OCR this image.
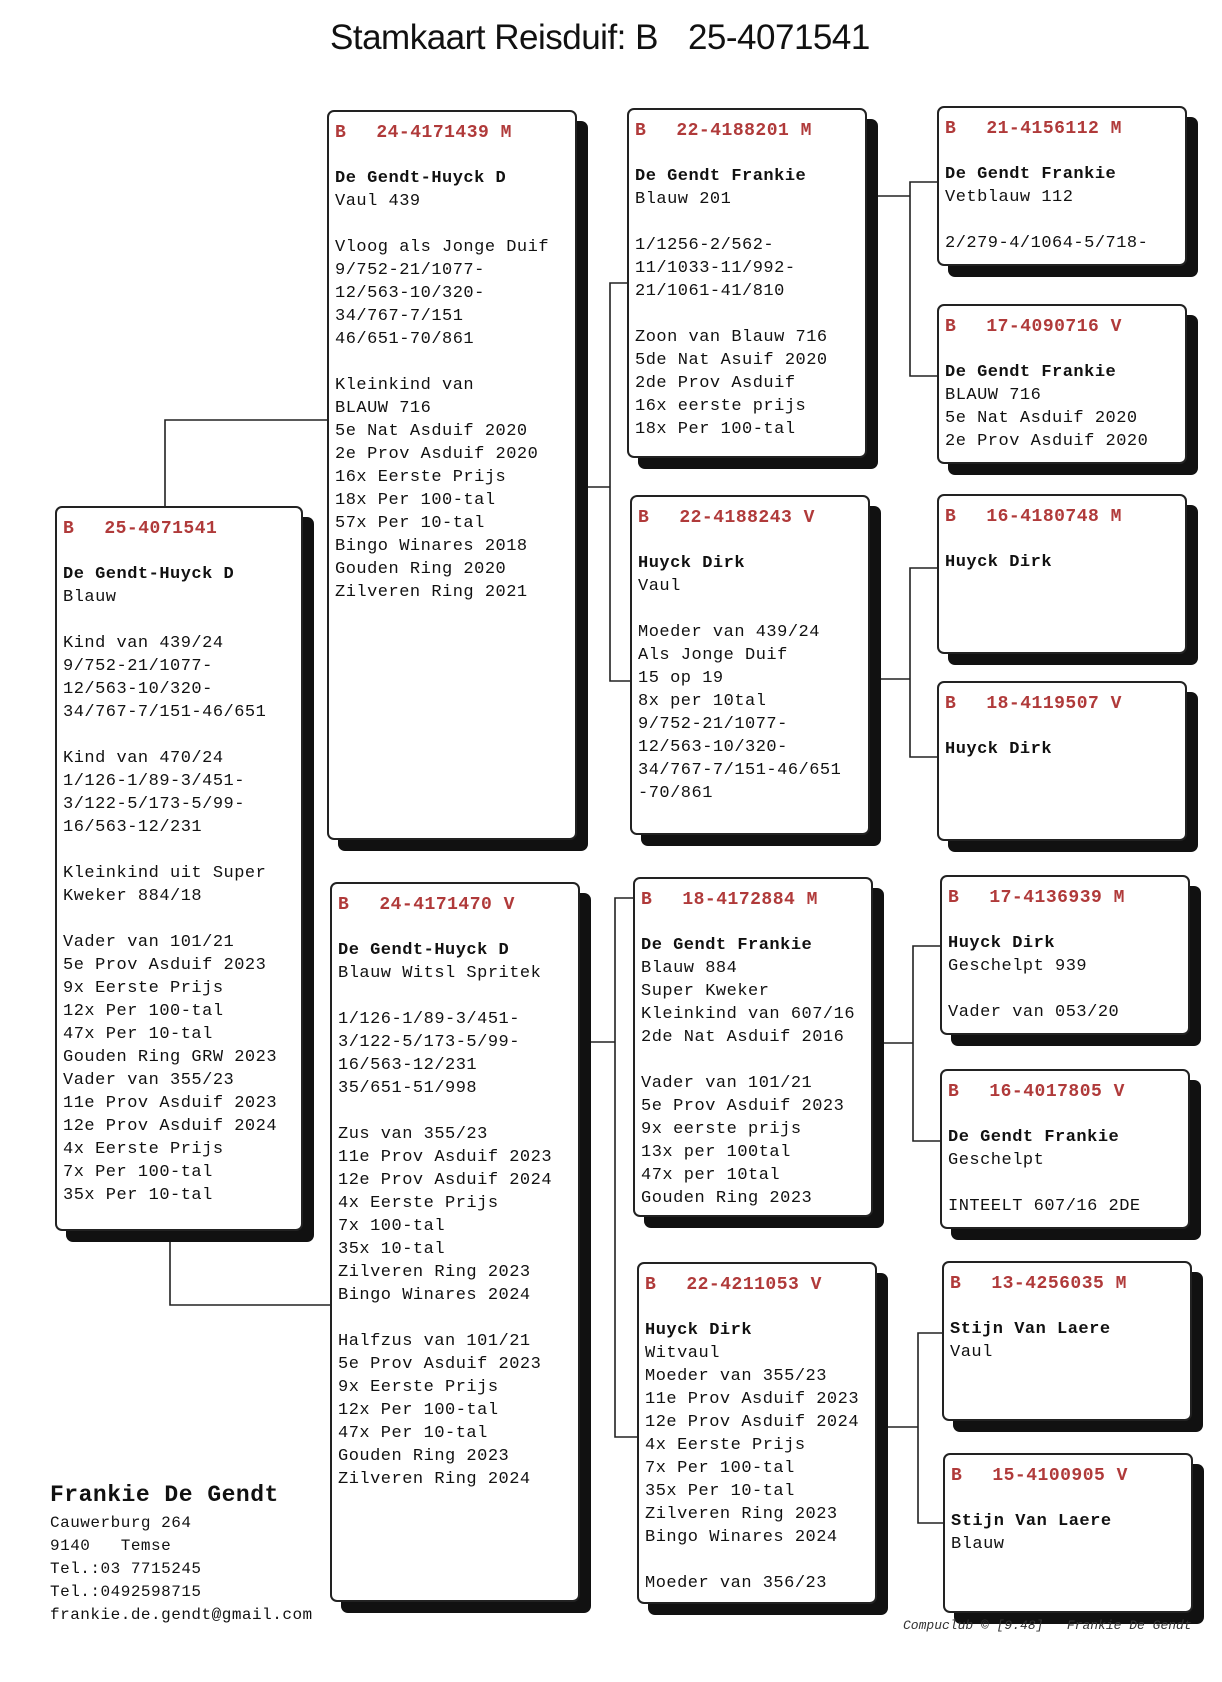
Stamkaart Reisduif: B 25-4071541
B 25-4071541
De Gendt-Huyck D
Blauw
Kind van 439/24
9/752-21/1077-
12/563-10/320-
34/767-7/151-46/651
Kind van 470/24
1/126-1/89-3/451-
3/122-5/173-5/99-
16/563-12/231
Kleinkind uit Super
Kweker 884/18
Vader van 101/21
5e Prov Asduif 2023
9x Eerste Prijs
12x Per 100-tal
47x Per 10-tal
Gouden Ring GRW 2023
Vader van 355/23
11e Prov Asduif 2023
12e Prov Asduif 2024
4x Eerste Prijs
7x Per 100-tal
35x Per 10-tal
B 24-4171439 M
De Gendt-Huyck D
Vaul 439
Vloog als Jonge Duif
9/752-21/1077-
12/563-10/320-
34/767-7/151
46/651-70/861
Kleinkind van
BLAUW 716
5e Nat Asduif 2020
2e Prov Asduif 2020
16x Eerste Prijs
18x Per 100-tal
57x Per 10-tal
Bingo Winares 2018
Gouden Ring 2020
Zilveren Ring 2021
B 24-4171470 V
De Gendt-Huyck D
Blauw Witsl Spritek
1/126-1/89-3/451-
3/122-5/173-5/99-
16/563-12/231
35/651-51/998
Zus van 355/23
11e Prov Asduif 2023
12e Prov Asduif 2024
4x Eerste Prijs
7x 100-tal
35x 10-tal
Zilveren Ring 2023
Bingo Winares 2024
Halfzus van 101/21
5e Prov Asduif 2023
9x Eerste Prijs
12x Per 100-tal
47x Per 10-tal
Gouden Ring 2023
Zilveren Ring 2024
B 22-4188201 M
De Gendt Frankie
Blauw 201
1/1256-2/562-
11/1033-11/992-
21/1061-41/810
Zoon van Blauw 716
5de Nat Asuif 2020
2de Prov Asduif
16x eerste prijs
18x Per 100-tal
B 22-4188243 V
Huyck Dirk
Vaul
Moeder van 439/24
Als Jonge Duif
15 op 19
8x per 10tal
9/752-21/1077-
12/563-10/320-
34/767-7/151-46/651
-70/861
B 18-4172884 M
De Gendt Frankie
Blauw 884
Super Kweker
Kleinkind van 607/16
2de Nat Asduif 2016
Vader van 101/21
5e Prov Asduif 2023
9x eerste prijs
13x per 100tal
47x per 10tal
Gouden Ring 2023
B 22-4211053 V
Huyck Dirk
Witvaul
Moeder van 355/23
11e Prov Asduif 2023
12e Prov Asduif 2024
4x Eerste Prijs
7x Per 100-tal
35x Per 10-tal
Zilveren Ring 2023
Bingo Winares 2024
Moeder van 356/23
B 21-4156112 M
De Gendt Frankie
Vetblauw 112
2/279-4/1064-5/718-
B 17-4090716 V
De Gendt Frankie
BLAUW 716
5e Nat Asduif 2020
2e Prov Asduif 2020
B 16-4180748 M
Huyck Dirk
B 18-4119507 V
Huyck Dirk
B 17-4136939 M
Huyck Dirk
Geschelpt 939
Vader van 053/20
B 16-4017805 V
De Gendt Frankie
Geschelpt
INTEELT 607/16 2DE
B 13-4256035 M
Stijn Van Laere
Vaul
B 15-4100905 V
Stijn Van Laere
Blauw
Frankie De Gendt
Cauwerburg 264
9140   Temse
Tel.:03 7715245
Tel.:0492598715
frankie.de.gendt@gmail.com
Compuclub © [9.48] Frankie De Gendt
